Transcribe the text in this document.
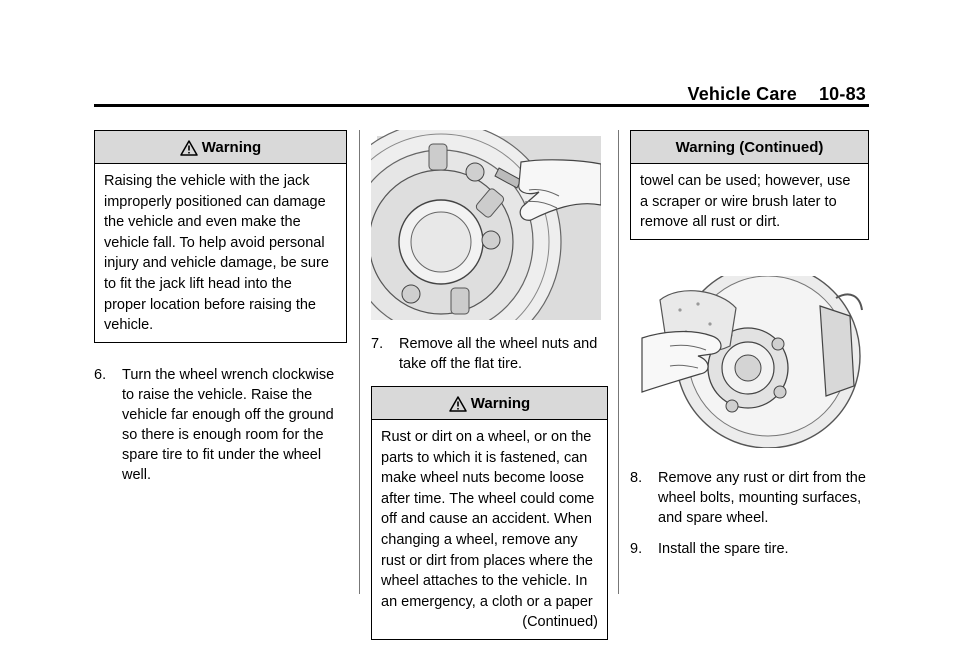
Vehicle Care 10-83
Warning
Raising the vehicle with the jack improperly positioned can damage the vehicle and even make the vehicle fall. To help avoid personal injury and vehicle damage, be sure to fit the jack lift head into the proper location before raising the vehicle.
6. Turn the wheel wrench clockwise to raise the vehicle. Raise the vehicle far enough off the ground so there is enough room for the spare tire to fit under the wheel well.
7. Remove all the wheel nuts and take off the flat tire.
Warning
Rust or dirt on a wheel, or on the parts to which it is fastened, can make wheel nuts become loose after time. The wheel could come off and cause an accident. When changing a wheel, remove any rust or dirt from places where the wheel attaches to the vehicle. In an emergency, a cloth or a paper
(Continued)
Warning (Continued)
towel can be used; however, use a scraper or wire brush later to remove all rust or dirt.
8. Remove any rust or dirt from the wheel bolts, mounting surfaces, and spare wheel.
9. Install the spare tire.
